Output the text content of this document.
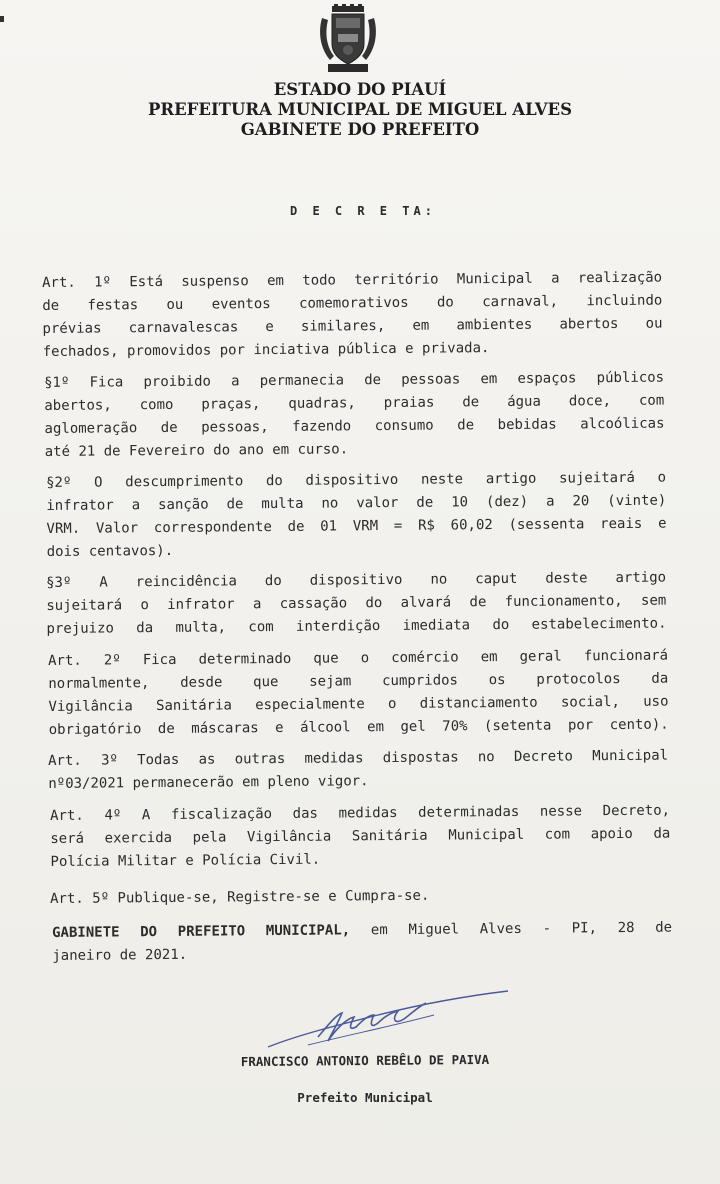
ESTADO DO PIAUÍ
PREFEITURA MUNICIPAL DE MIGUEL ALVES
GABINETE DO PREFEITO
D E C R E TA:
Art. 1º Está suspenso em todo território Municipal a realização
de festas ou eventos comemorativos do carnaval, incluindo
prévias carnavalescas e similares, em ambientes abertos ou
fechados, promovidos por inciativa pública e privada.
§1º Fica proibido a permanecia de pessoas em espaços públicos
abertos, como praças, quadras, praias de água doce, com
aglomeração de pessoas, fazendo consumo de bebidas alcoólicas
até 21 de Fevereiro do ano em curso.
§2º O descumprimento do dispositivo neste artigo sujeitará o
infrator a sanção de multa no valor de 10 (dez) a 20 (vinte)
VRM. Valor correspondente de 01 VRM = R$ 60,02 (sessenta reais e
dois centavos).
§3º A reincidência do dispositivo no caput deste artigo
sujeitará o infrator a cassação do alvará de funcionamento, sem
prejuizo da multa, com interdição imediata do estabelecimento.
Art. 2º Fica determinado que o comércio em geral funcionará
normalmente, desde que sejam cumpridos os protocolos da
Vigilância Sanitária especialmente o distanciamento social, uso
obrigatório de máscaras e álcool em gel 70% (setenta por cento).
Art. 3º Todas as outras medidas dispostas no Decreto Municipal
nº03/2021 permanecerão em pleno vigor.
Art. 4º A fiscalização das medidas determinadas nesse Decreto,
será exercida pela Vigilância Sanitária Municipal com apoio da
Polícia Militar e Polícia Civil.
Art. 5º Publique-se, Registre-se e Cumpra-se.
GABINETE DO PREFEITO MUNICIPAL, em Miguel Alves - PI, 28 de
janeiro de 2021.
FRANCISCO ANTONIO REBÊLO DE PAIVA
Prefeito Municipal
